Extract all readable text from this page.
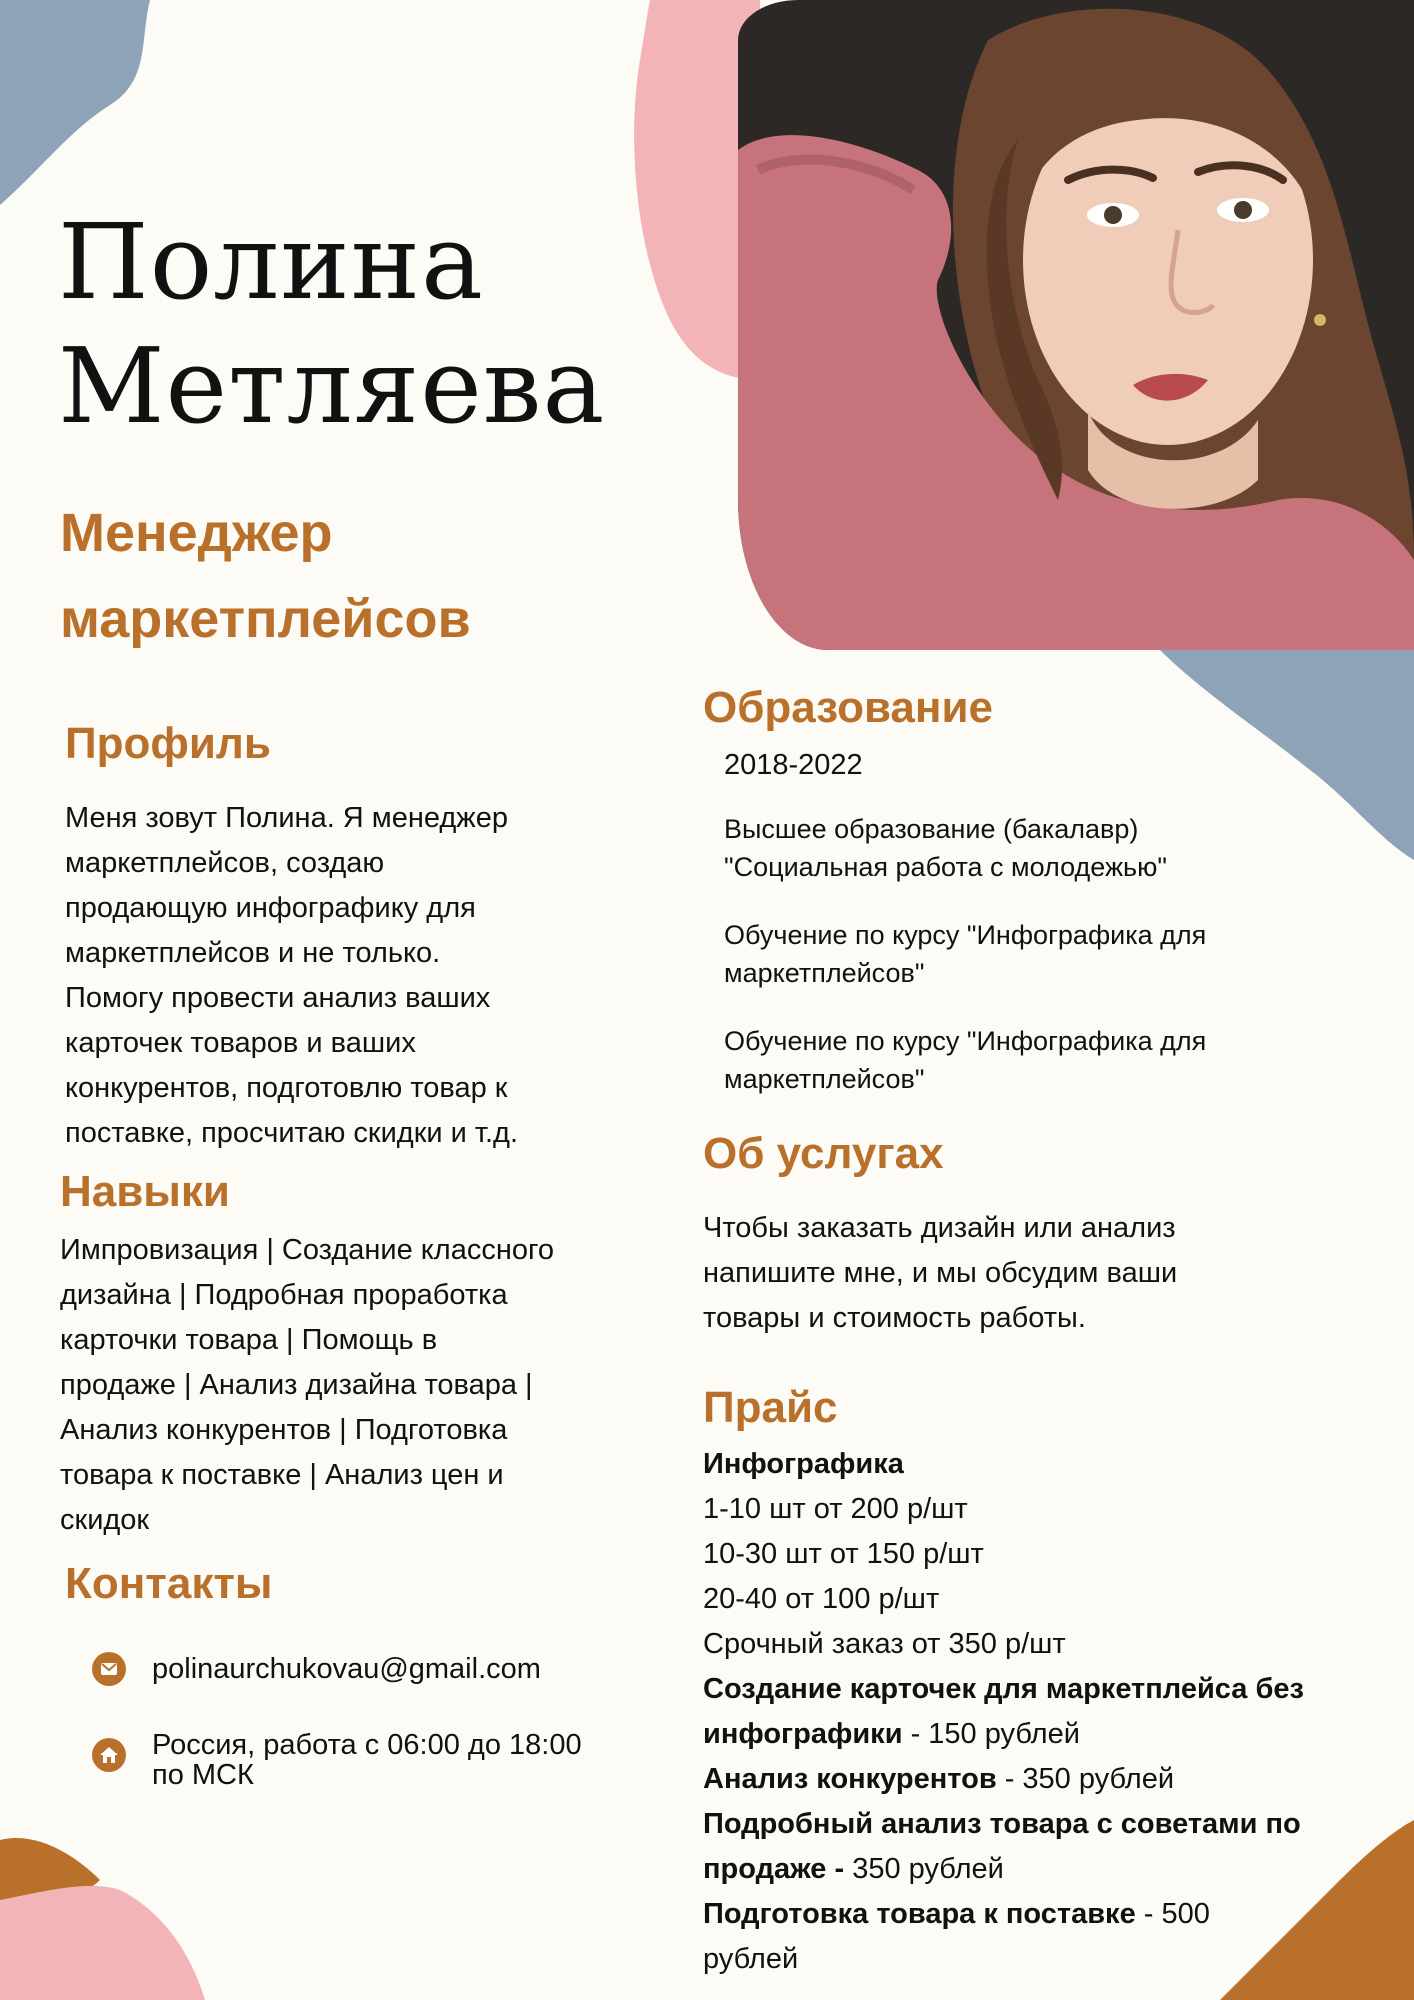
Полина
Метляева
Менеджер
маркетплейсов
Профиль

Меня зовут Полина. Я менеджер
маркетплейсов, создаю
продающую инфографику для
маркетплейсов и не только.
Помогу провести анализ ваших
карточек товаров и ваших
конкурентов, подготовлю товар к
поставке, просчитаю скидки и т.д.

Навыки

Импровизация | Создание классного
дизайна | Подробная проработка
карточки товара | Помощь в
продаже | Анализ дизайна товара |
Анализ конкурентов | Подготовка
товара к поставке | Анализ цен и
скидок

Контакты
polinaurchukovau@gmail.com
Россия, работа с 06:00 до 18:00
по МСК
Образование

2018-2022

Высшее образование (бакалавр)
"Социальная работа с молодежью"

Обучение по курсу "Инфографика для
маркетплейсов"

Обучение по курсу "Инфографика для
маркетплейсов"

Об услугах

Чтобы заказать дизайн или анализ
напишите мне, и мы обсудим ваши
товары и стоимость работы.

Прайс
Инфографика
1-10 шт от 200 р/шт
10-30 шт от 150 р/шт
20-40 от 100 р/шт
Срочный заказ от 350 р/шт
Создание карточек для маркетплейса без
инфографики - 150 рублей
Анализ конкурентов - 350 рублей
Подробный анализ товара с советами по
продаже - 350 рублей
Подготовка товара к поставке - 500
рублей
